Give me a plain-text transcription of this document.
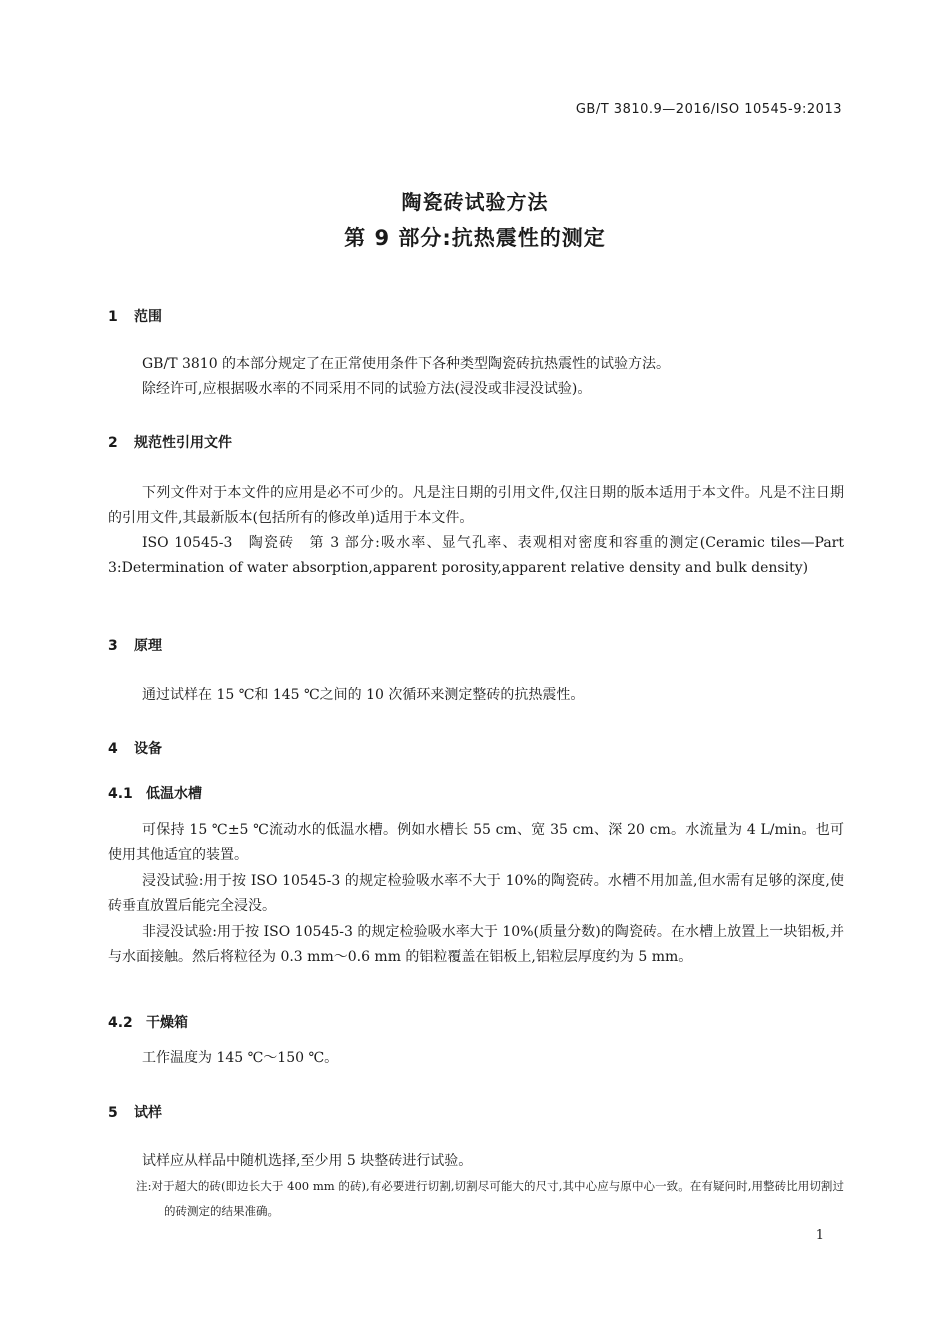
GB/T 3810.9—2016/ISO 10545-9:2013
陶瓷砖试验方法
第 9 部分:抗热震性的测定
1 范围
GB/T 3810 的本部分规定了在正常使用条件下各种类型陶瓷砖抗热震性的试验方法。
除经许可,应根据吸水率的不同采用不同的试验方法(浸没或非浸没试验)。
2 规范性引用文件
下列文件对于本文件的应用是必不可少的。凡是注日期的引用文件,仅注日期的版本适用于本文件。凡是不注日期的引用文件,其最新版本(包括所有的修改单)适用于本文件。
ISO 10545-3　陶瓷砖　第 3 部分:吸水率、显气孔率、表观相对密度和容重的测定(Ceramic tiles—Part 3:Determination of water absorption,apparent porosity,apparent relative density and bulk density)
3 原理
通过试样在 15 ℃和 145 ℃之间的 10 次循环来测定整砖的抗热震性。
4 设备
4.1 低温水槽
可保持 15 ℃±5 ℃流动水的低温水槽。例如水槽长 55 cm、宽 35 cm、深 20 cm。水流量为 4 L/min。也可使用其他适宜的装置。
浸没试验:用于按 ISO 10545-3 的规定检验吸水率不大于 10%的陶瓷砖。水槽不用加盖,但水需有足够的深度,使砖垂直放置后能完全浸没。
非浸没试验:用于按 ISO 10545-3 的规定检验吸水率大于 10%(质量分数)的陶瓷砖。在水槽上放置上一块铝板,并与水面接触。然后将粒径为 0.3 mm～0.6 mm 的铝粒覆盖在铝板上,铝粒层厚度约为 5 mm。
4.2 干燥箱
工作温度为 145 ℃～150 ℃。
5 试样
试样应从样品中随机选择,至少用 5 块整砖进行试验。
注:对于超大的砖(即边长大于 400 mm 的砖),有必要进行切割,切割尽可能大的尺寸,其中心应与原中心一致。在有疑问时,用整砖比用切割过的砖测定的结果准确。
1
